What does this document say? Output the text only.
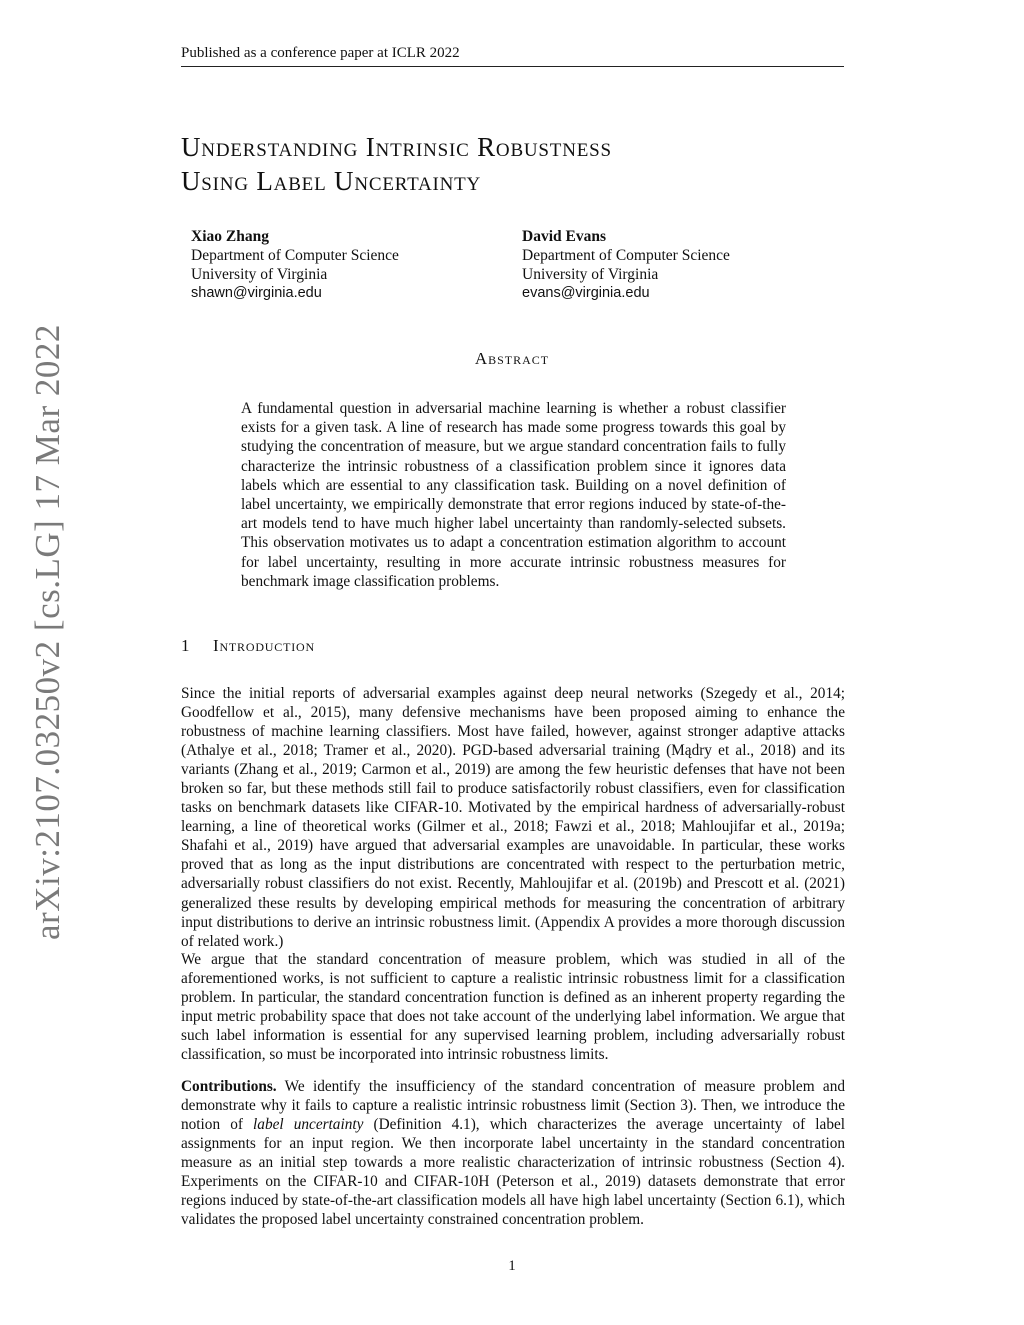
Published as a conference paper at ICLR 2022
arXiv:2107.03250v2 [cs.LG] 17 Mar 2022
Understanding Intrinsic Robustness
Using Label Uncertainty
Xiao Zhang
Department of Computer Science
University of Virginia
shawn@virginia.edu
David Evans
Department of Computer Science
University of Virginia
evans@virginia.edu
Abstract
A fundamental question in adversarial machine learning is whether a robust classifier exists for a given task. A line of research has made some progress towards this goal by studying the concentration of measure, but we argue standard concentration fails to fully characterize the intrinsic robustness of a classification problem since it ignores data labels which are essential to any classification task. Building on a novel definition of label uncertainty, we empirically demonstrate that error regions induced by state-of-the-art models tend to have much higher label uncertainty than randomly-selected subsets. This observation motivates us to adapt a concentration estimation algorithm to account for label uncertainty, resulting in more accurate intrinsic robustness measures for benchmark image classification problems.
1 Introduction
Since the initial reports of adversarial examples against deep neural networks (Szegedy et al., 2014; Goodfellow et al., 2015), many defensive mechanisms have been proposed aiming to enhance the robustness of machine learning classifiers. Most have failed, however, against stronger adaptive attacks (Athalye et al., 2018; Tramer et al., 2020). PGD-based adversarial training (Mądry et al., 2018) and its variants (Zhang et al., 2019; Carmon et al., 2019) are among the few heuristic defenses that have not been broken so far, but these methods still fail to produce satisfactorily robust classifiers, even for classification tasks on benchmark datasets like CIFAR-10. Motivated by the empirical hardness of adversarially-robust learning, a line of theoretical works (Gilmer et al., 2018; Fawzi et al., 2018; Mahloujifar et al., 2019a; Shafahi et al., 2019) have argued that adversarial examples are unavoidable. In particular, these works proved that as long as the input distributions are concentrated with respect to the perturbation metric, adversarially robust classifiers do not exist. Recently, Mahloujifar et al. (2019b) and Prescott et al. (2021) generalized these results by developing empirical methods for measuring the concentration of arbitrary input distributions to derive an intrinsic robustness limit. (Appendix A provides a more thorough discussion of related work.)
We argue that the standard concentration of measure problem, which was studied in all of the aforementioned works, is not sufficient to capture a realistic intrinsic robustness limit for a classification problem. In particular, the standard concentration function is defined as an inherent property regarding the input metric probability space that does not take account of the underlying label information. We argue that such label information is essential for any supervised learning problem, including adversarially robust classification, so must be incorporated into intrinsic robustness limits.
Contributions. We identify the insufficiency of the standard concentration of measure problem and demonstrate why it fails to capture a realistic intrinsic robustness limit (Section 3). Then, we introduce the notion of label uncertainty (Definition 4.1), which characterizes the average uncertainty of label assignments for an input region. We then incorporate label uncertainty in the standard concentration measure as an initial step towards a more realistic characterization of intrinsic robustness (Section 4). Experiments on the CIFAR-10 and CIFAR-10H (Peterson et al., 2019) datasets demonstrate that error regions induced by state-of-the-art classification models all have high label uncertainty (Section 6.1), which validates the proposed label uncertainty constrained concentration problem.
1
